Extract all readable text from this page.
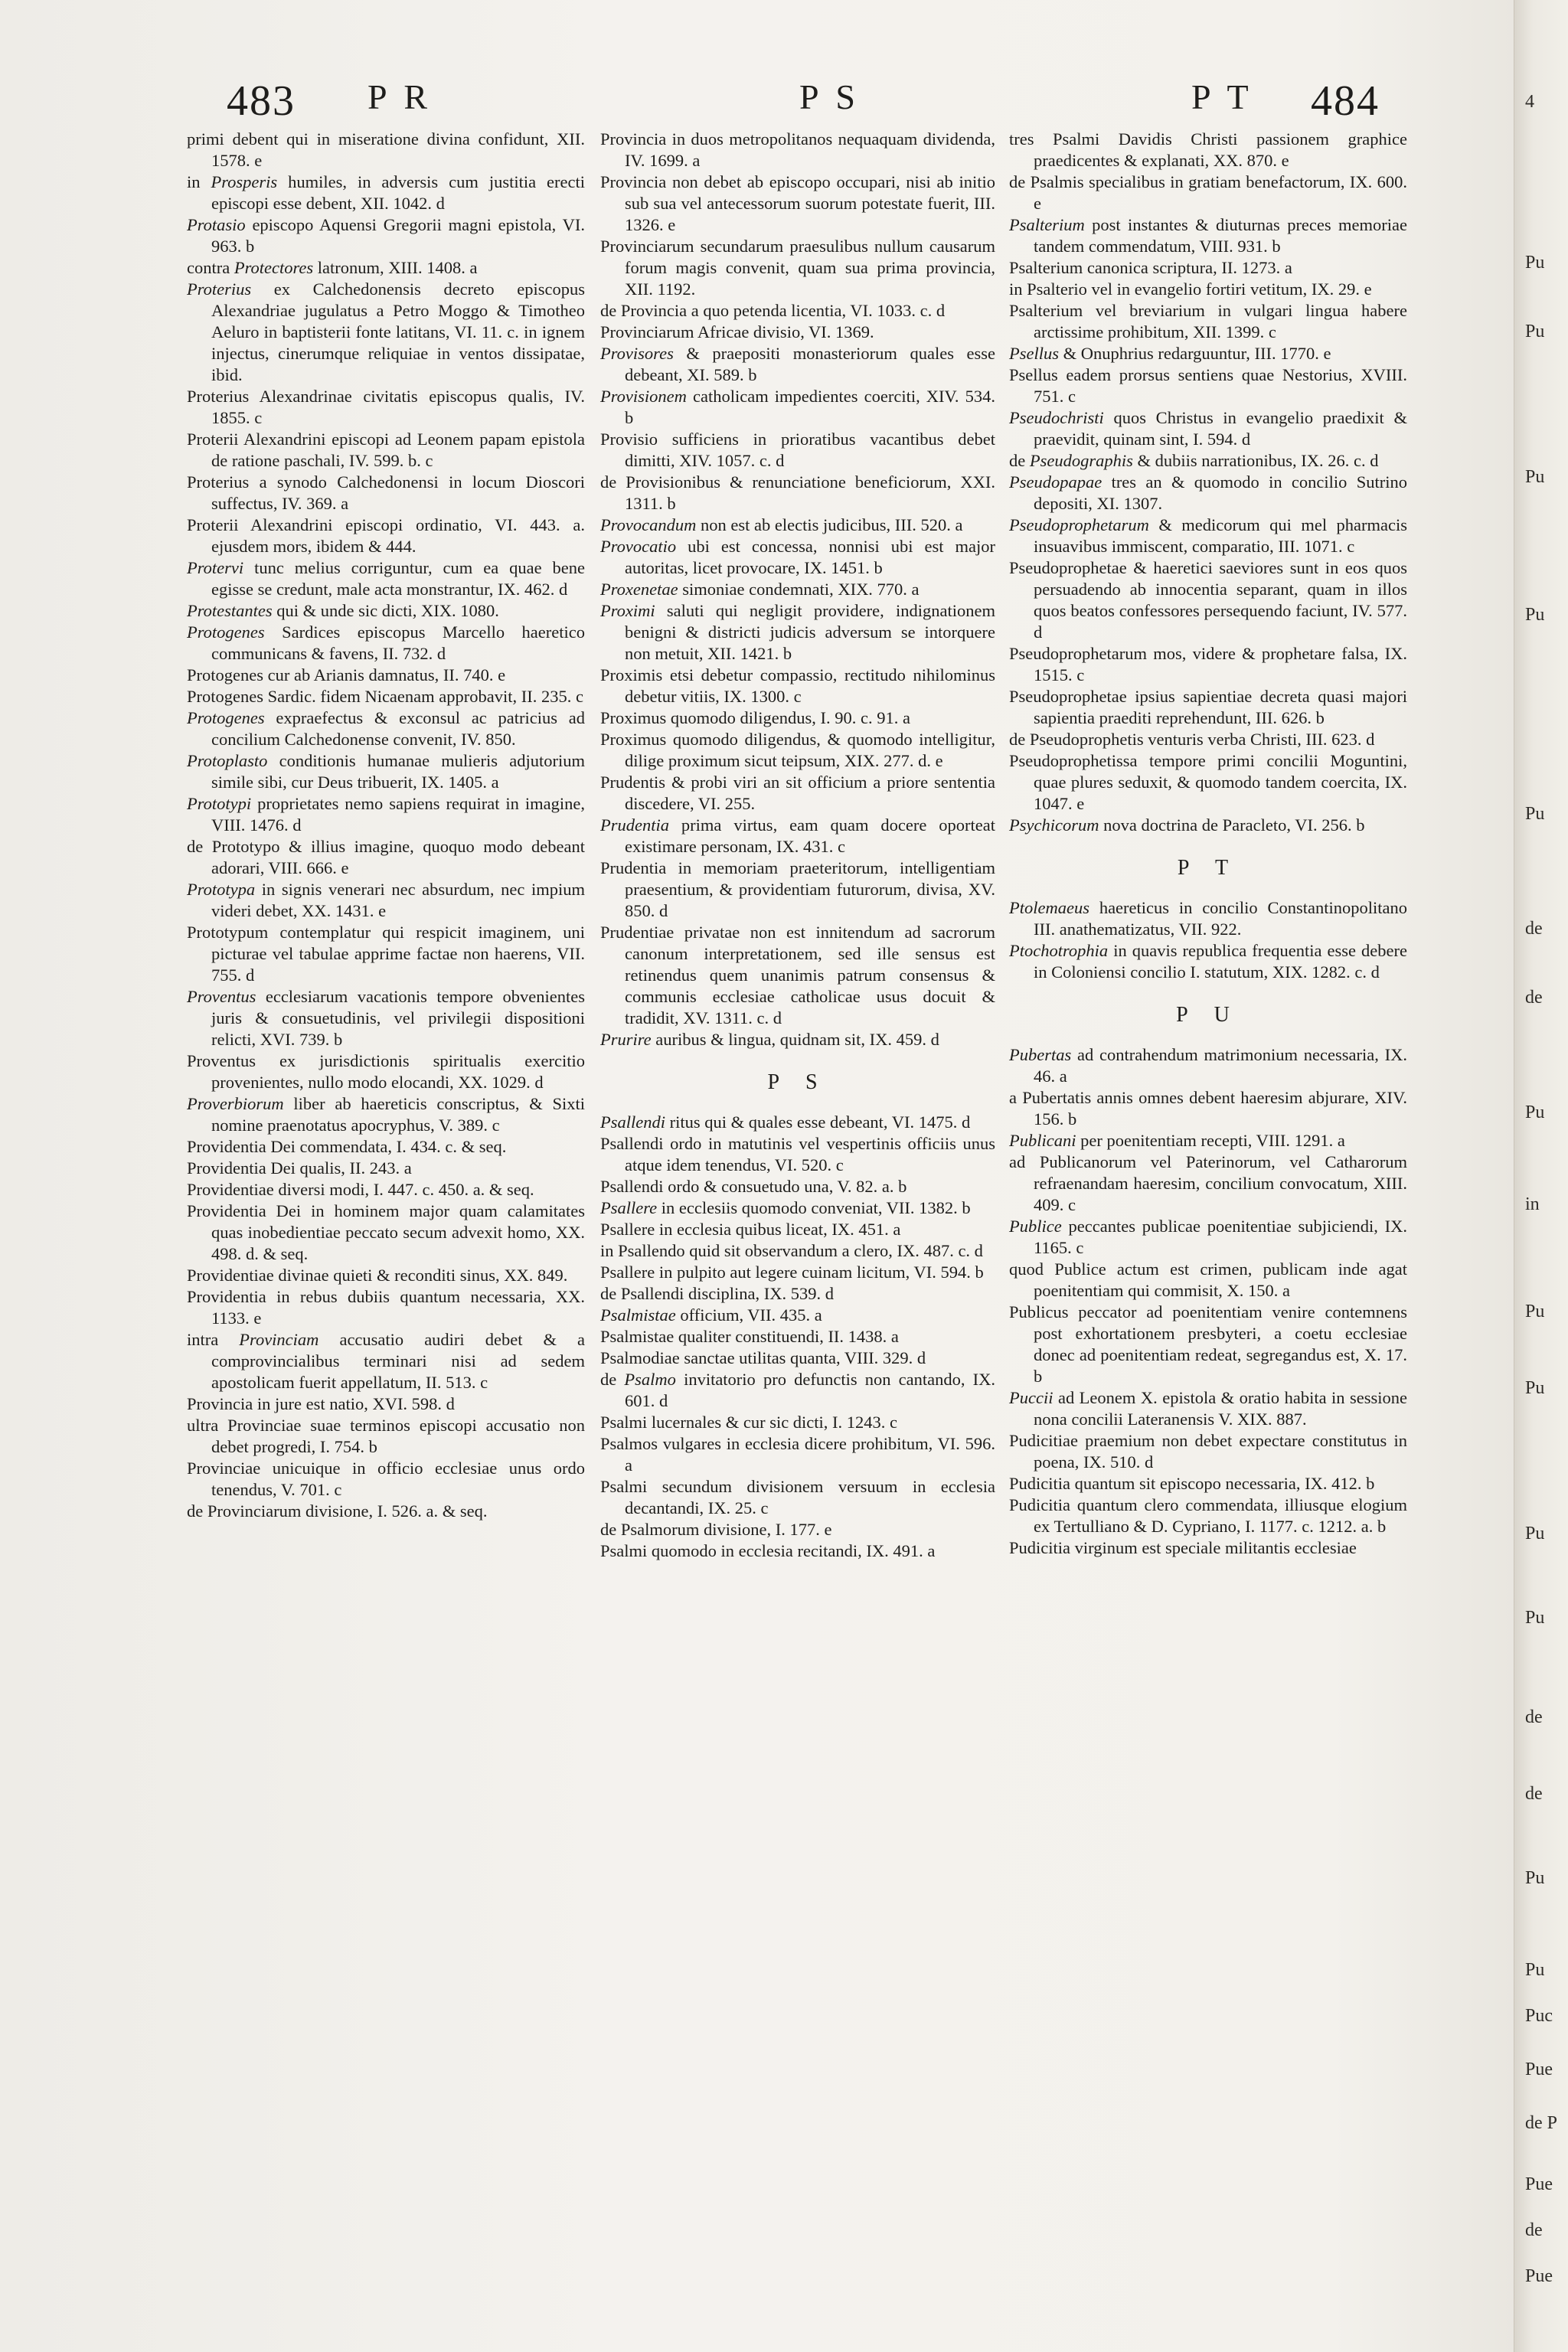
483 P R	P S	P T 484
primi debent qui in miseratione divina confidunt, XII. 1578. e
in Prosperis humiles, in adversis cum justitia erecti episcopi esse debent, XII. 1042. d
Protasio episcopo Aquensi Gregorii magni epistola, VI. 963. b
contra Protectores latronum, XIII. 1408. a
Proterius ex Calchedonensis decreto episcopus Alexandriae jugulatus a Petro Moggo & Timotheo Aeluro in baptisterii fonte latitans, VI. 11. c. in ignem injectus, cinerumque reliquiae in ventos dissipatae, ibid.
Proterius Alexandrinae civitatis episcopus qualis, IV. 1855. c
Proterii Alexandrini episcopi ad Leonem papam epistola de ratione paschali, IV. 599. b. c
Proterius a synodo Calchedonensi in locum Dioscori suffectus, IV. 369. a
Proterii Alexandrini episcopi ordinatio, VI. 443. a. ejusdem mors, ibidem & 444.
Protervi tunc melius corriguntur, cum ea quae bene egisse se credunt, male acta monstrantur, IX. 462. d
Protestantes qui & unde sic dicti, XIX. 1080.
Protogenes Sardices episcopus Marcello haeretico communicans & favens, II. 732. d
Protogenes cur ab Arianis damnatus, II. 740. e
Protogenes Sardic. fidem Nicaenam approbavit, II. 235. c
Protogenes expraefectus & exconsul ac patricius ad concilium Calchedonense convenit, IV. 850.
Protoplasto conditionis humanae mulieris adjutorium simile sibi, cur Deus tribuerit, IX. 1405. a
Prototypi proprietates nemo sapiens requirat in imagine, VIII. 1476. d
de Prototypo & illius imagine, quoquo modo debeant adorari, VIII. 666. e
Prototypa in signis venerari nec absurdum, nec impium videri debet, XX. 1431. e
Prototypum contemplatur qui respicit imaginem, uni picturae vel tabulae apprime factae non haerens, VII. 755. d
Proventus ecclesiarum vacationis tempore obvenientes juris & consuetudinis, vel privilegii dispositioni relicti, XVI. 739. b
Proventus ex jurisdictionis spiritualis exercitio provenientes, nullo modo elocandi, XX. 1029. d
Proverbiorum liber ab haereticis conscriptus, & Sixti nomine praenotatus apocryphus, V. 389. c
Providentia Dei commendata, I. 434. c. & seq.
Providentia Dei qualis, II. 243. a
Providentiae diversi modi, I. 447. c. 450. a. & seq.
Providentia Dei in hominem major quam calamitates quas inobedientiae peccato secum advexit homo, XX. 498. d. & seq.
Providentiae divinae quieti & reconditi sinus, XX. 849.
Providentia in rebus dubiis quantum necessaria, XX. 1133. e
intra Provinciam accusatio audiri debet & a comprovincialibus terminari nisi ad sedem apostolicam fuerit appellatum, II. 513. c
Provincia in jure est natio, XVI. 598. d
ultra Provinciae suae terminos episcopi accusatio non debet progredi, I. 754. b
Provinciae unicuique in officio ecclesiae unus ordo tenendus, V. 701. c
de Provinciarum divisione, I. 526. a. & seq.
Provincia in duos metropolitanos nequaquam dividenda, IV. 1699. a
Provincia non debet ab episcopo occupari, nisi ab initio sub sua vel antecessorum suorum potestate fuerit, III. 1326. e
Provinciarum secundarum praesulibus nullum causarum forum magis convenit, quam sua prima provincia, XII. 1192.
de Provincia a quo petenda licentia, VI. 1033. c. d
Provinciarum Africae divisio, VI. 1369.
Provisores & praepositi monasteriorum quales esse debeant, XI. 589. b
Provisionem catholicam impedientes coerciti, XIV. 534. b
Provisio sufficiens in prioratibus vacantibus debet dimitti, XIV. 1057. c. d
de Provisionibus & renunciatione beneficiorum, XXI. 1311. b
Provocandum non est ab electis judicibus, III. 520. a
Provocatio ubi est concessa, nonnisi ubi est major autoritas, licet provocare, IX. 1451. b
Proxenetae simoniae condemnati, XIX. 770. a
Proximi saluti qui negligit providere, indignationem benigni & districti judicis adversum se intorquere non metuit, XII. 1421. b
Proximis etsi debetur compassio, rectitudo nihilominus debetur vitiis, IX. 1300. c
Proximus quomodo diligendus, I. 90. c. 91. a
Proximus quomodo diligendus, & quomodo intelligitur, dilige proximum sicut teipsum, XIX. 277. d. e
Prudentis & probi viri an sit officium a priore sententia discedere, VI. 255.
Prudentia prima virtus, eam quam docere oporteat existimare personam, IX. 431. c
Prudentia in memoriam praeteritorum, intelligentiam praesentium, & providentiam futurorum, divisa, XV. 850. d
Prudentiae privatae non est innitendum ad sacrorum canonum interpretationem, sed ille sensus est retinendus quem unanimis patrum consensus & communis ecclesiae catholicae usus docuit & tradidit, XV. 1311. c. d
Prurire auribus & lingua, quidnam sit, IX. 459. d
P S
Psallendi ritus qui & quales esse debeant, VI. 1475. d
Psallendi ordo in matutinis vel vespertinis officiis unus atque idem tenendus, VI. 520. c
Psallendi ordo & consuetudo una, V. 82. a. b
Psallere in ecclesiis quomodo conveniat, VII. 1382. b
Psallere in ecclesia quibus liceat, IX. 451. a
in Psallendo quid sit observandum a clero, IX. 487. c. d
Psallere in pulpito aut legere cuinam licitum, VI. 594. b
de Psallendi disciplina, IX. 539. d
Psalmistae officium, VII. 435. a
Psalmistae qualiter constituendi, II. 1438. a
Psalmodiae sanctae utilitas quanta, VIII. 329. d
de Psalmo invitatorio pro defunctis non cantando, IX. 601. d
Psalmi lucernales & cur sic dicti, I. 1243. c
Psalmos vulgares in ecclesia dicere prohibitum, VI. 596. a
Psalmi secundum divisionem versuum in ecclesia decantandi, IX. 25. c
de Psalmorum divisione, I. 177. e
Psalmi quomodo in ecclesia recitandi, IX. 491. a
tres Psalmi Davidis Christi passionem graphice praedicentes & explanati, XX. 870. e
de Psalmis specialibus in gratiam benefactorum, IX. 600. e
Psalterium post instantes & diuturnas preces memoriae tandem commendatum, VIII. 931. b
Psalterium canonica scriptura, II. 1273. a
in Psalterio vel in evangelio fortiri vetitum, IX. 29. e
Psalterium vel breviarium in vulgari lingua habere arctissime prohibitum, XII. 1399. c
Psellus & Onuphrius redarguuntur, III. 1770. e
Psellus eadem prorsus sentiens quae Nestorius, XVIII. 751. c
Pseudochristi quos Christus in evangelio praedixit & praevidit, quinam sint, I. 594. d
de Pseudographis & dubiis narrationibus, IX. 26. c. d
Pseudopapae tres an & quomodo in concilio Sutrino depositi, XI. 1307.
Pseudoprophetarum & medicorum qui mel pharmacis insuavibus immiscent, comparatio, III. 1071. c
Pseudoprophetae & haeretici saeviores sunt in eos quos persuadendo ab innocentia separant, quam in illos quos beatos confessores persequendo faciunt, IV. 577. d
Pseudoprophetarum mos, videre & prophetare falsa, IX. 1515. c
Pseudoprophetae ipsius sapientiae decreta quasi majori sapientia praediti reprehendunt, III. 626. b
de Pseudoprophetis venturis verba Christi, III. 623. d
Pseudoprophetissa tempore primi concilii Moguntini, quae plures seduxit, & quomodo tandem coercita, IX. 1047. e
Psychicorum nova doctrina de Paracleto, VI. 256. b
P T
Ptolemaeus haereticus in concilio Constantinopolitano III. anathematizatus, VII. 922.
Ptochotrophia in quavis republica frequentia esse debere in Coloniensi concilio I. statutum, XIX. 1282. c. d
P U
Pubertas ad contrahendum matrimonium necessaria, IX. 46. a
a Pubertatis annis omnes debent haeresim abjurare, XIV. 156. b
Publicani per poenitentiam recepti, VIII. 1291. a
ad Publicanorum vel Paterinorum, vel Catharorum refraenandam haeresim, concilium convocatum, XIII. 409. c
Publice peccantes publicae poenitentiae subjiciendi, IX. 1165. c
quod Publice actum est crimen, publicam inde agat poenitentiam qui commisit, X. 150. a
Publicus peccator ad poenitentiam venire contemnens post exhortationem presbyteri, a coetu ecclesiae donec ad poenitentiam redeat, segregandus est, X. 17. b
Puccii ad Leonem X. epistola & oratio habita in sessione nona concilii Lateranensis V. XIX. 887.
Pudicitiae praemium non debet expectare constitutus in poena, IX. 510. d
Pudicitia quantum sit episcopo necessaria, IX. 412. b
Pudicitia quantum clero commendata, illiusque elogium ex Tertulliano & D. Cypriano, I. 1177. c. 1212. a. b
Pudicitia virginum est speciale militantis ecclesiae
4
Pu
Pu
Pu
Pu
Pu
de
de
Pu
in
Pu
Pu
Pu
Pu
de
de
Pu
Pu
Puc
Pue
de P
Pue
de
Pue
